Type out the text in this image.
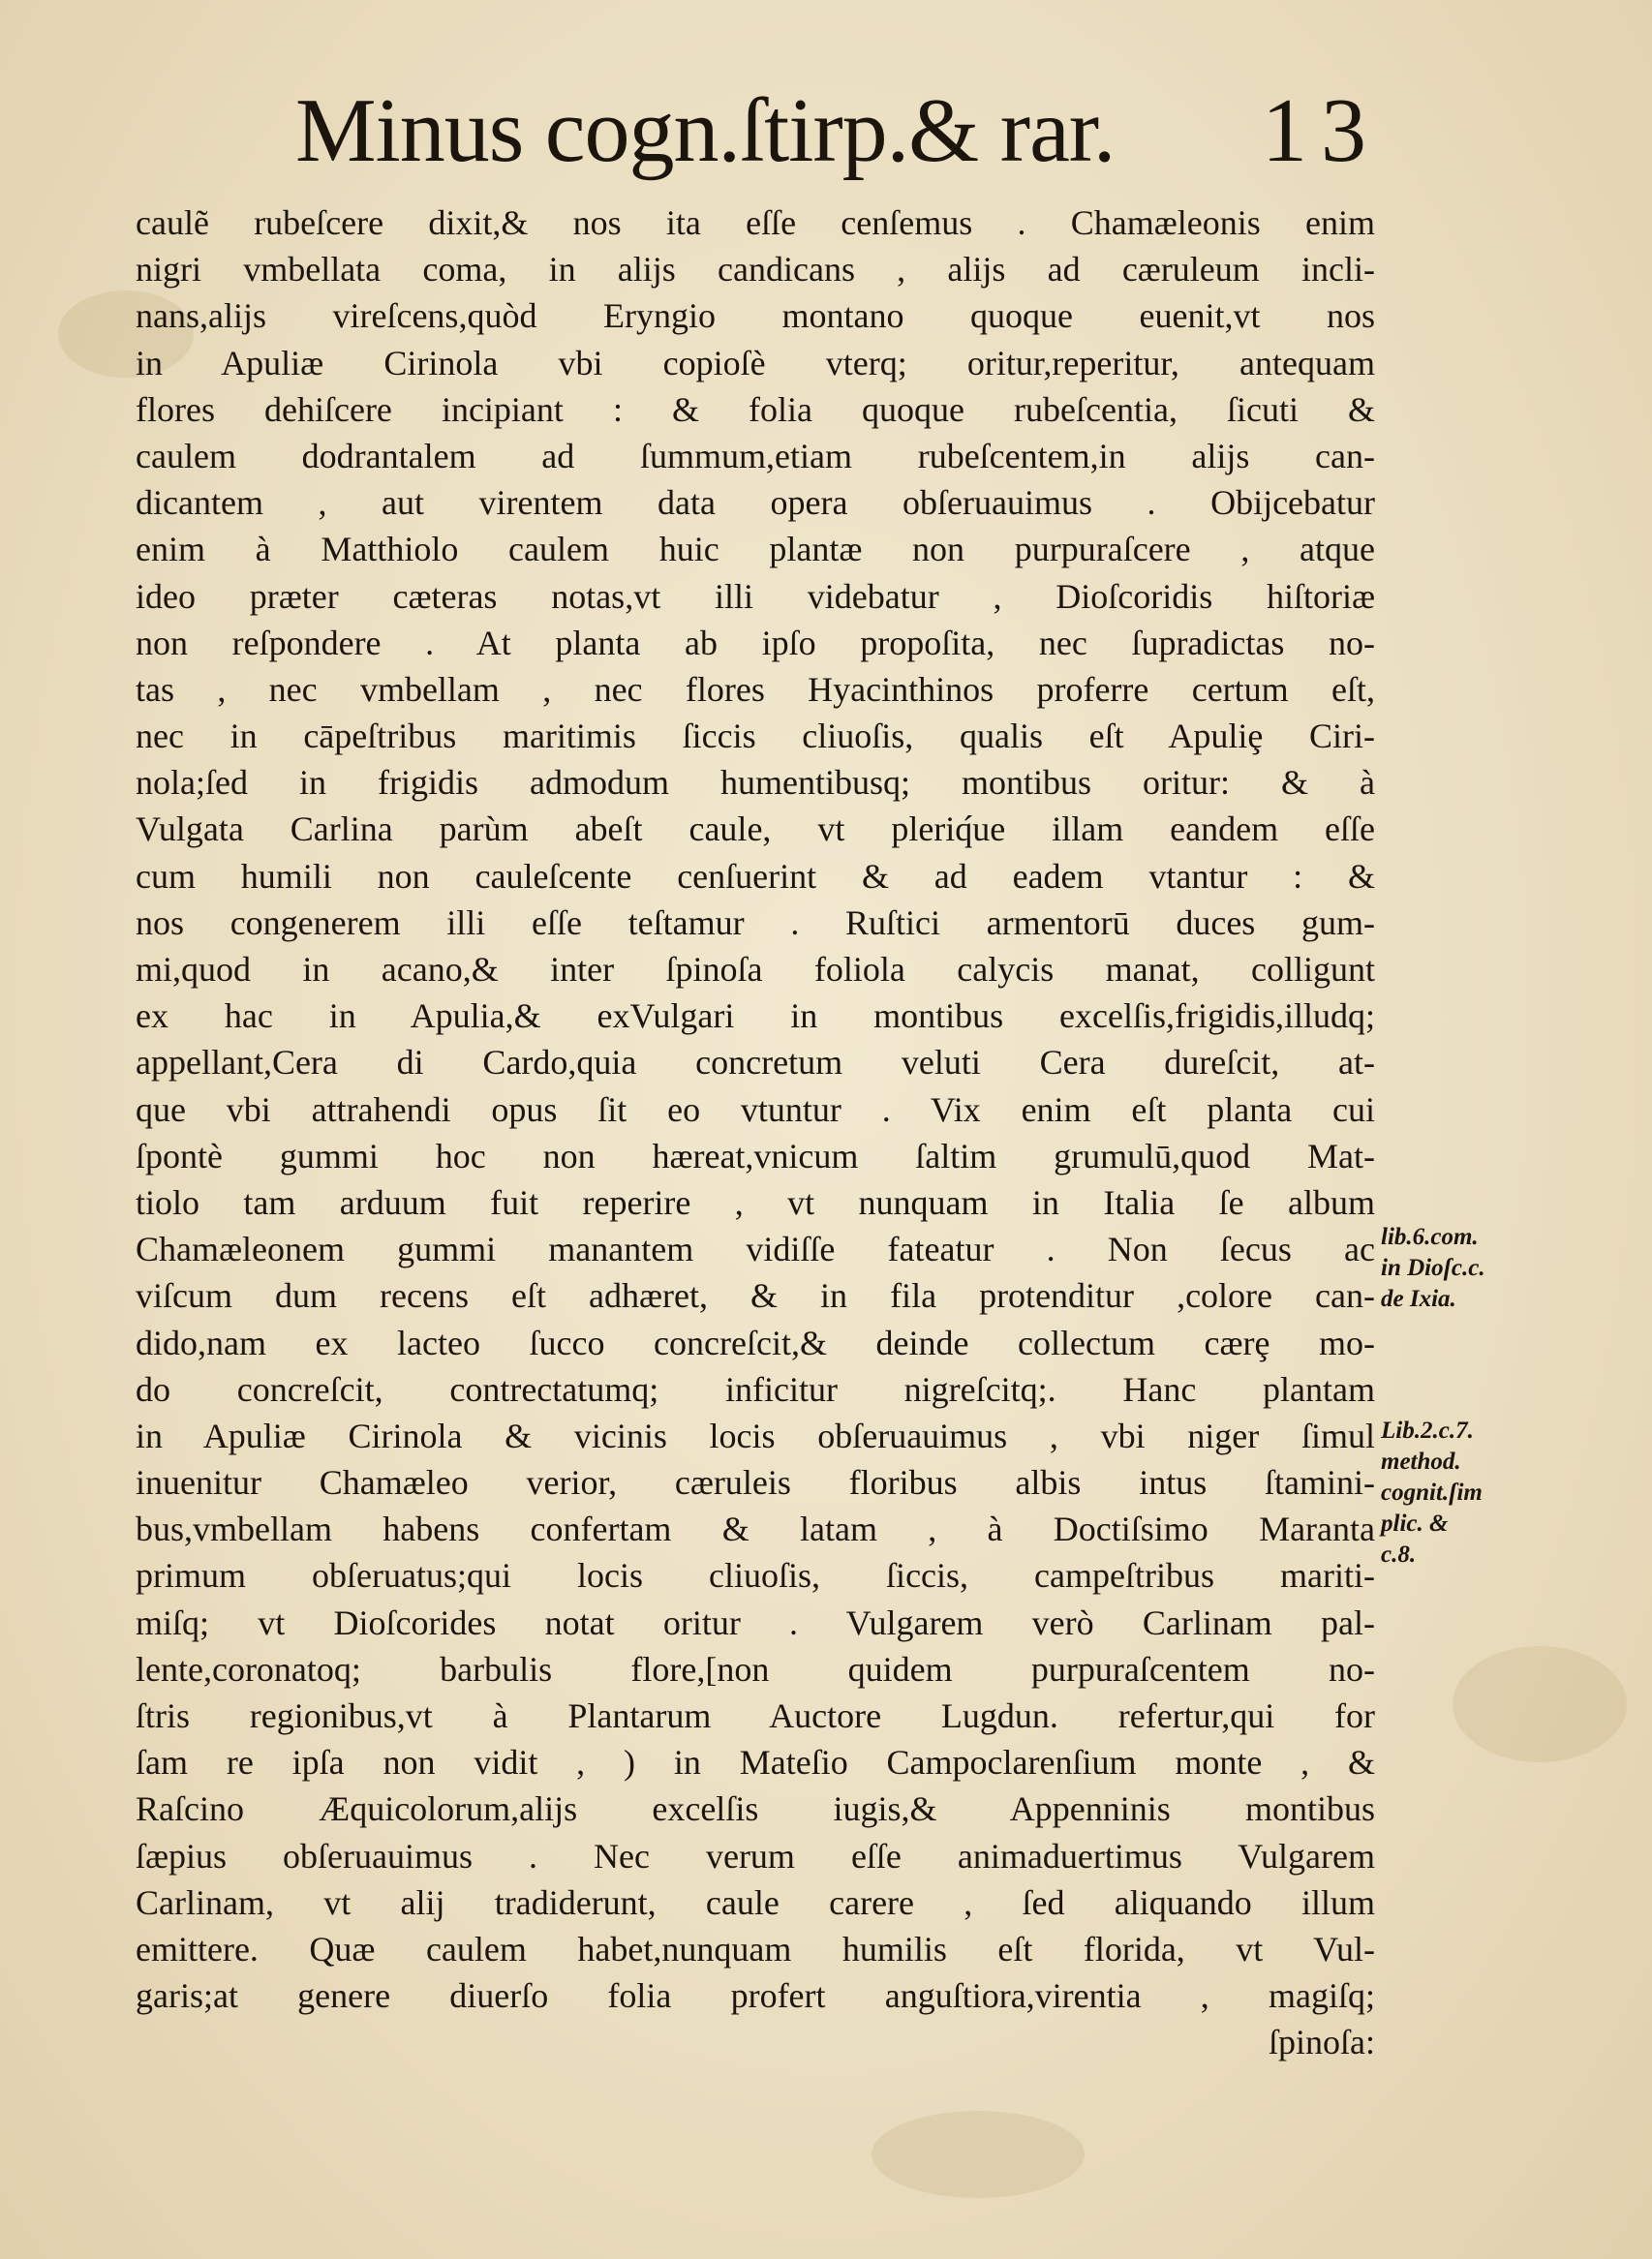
Minus cogn.ſtirp.& rar. 13
caulẽ rubeſcere dixit,& nos ita eſſe cenſemus . Chamæleonis enim
nigri vmbellata coma, in alijs candicans , alijs ad cæruleum incli-
nans,alijs vireſcens,quòd Eryngio montano quoque euenit,vt nos
in Apuliæ Cirinola vbi copioſè vterq; oritur,reperitur, antequam
flores dehiſcere incipiant : & folia quoque rubeſcentia, ſicuti &
caulem dodrantalem ad ſummum,etiam rubeſcentem,in alijs can-
dicantem , aut virentem data opera obſeruauimus . Obijcebatur
enim à Matthiolo caulem huic plantæ non purpuraſcere , atque
ideo præter cæteras notas,vt illi videbatur , Dioſcoridis hiſtoriæ
non reſpondere . At planta ab ipſo propoſita, nec ſupradictas no-
tas , nec vmbellam , nec flores Hyacinthinos proferre certum eſt,
nec in cāpeſtribus maritimis ſiccis cliuoſis, qualis eſt Apuliȩ Ciri-
nola;ſed in frigidis admodum humentibusq; montibus oritur: & à
Vulgata Carlina parùm abeſt caule, vt pleriq́ue illam eandem eſſe
cum humili non cauleſcente cenſuerint & ad eadem vtantur : &
nos congenerem illi eſſe teſtamur . Ruſtici armentorū duces gum-
mi,quod in acano,& inter ſpinoſa foliola calycis manat, colligunt
ex hac in Apulia,& exVulgari in montibus excelſis,frigidis,illudq;
appellant,Cera di Cardo,quia concretum veluti Cera dureſcit, at-
que vbi attrahendi opus ſit eo vtuntur . Vix enim eſt planta cui
ſpontè gummi hoc non hæreat,vnicum ſaltim grumulū,quod Mat-
tiolo tam arduum fuit reperire , vt nunquam in Italia ſe album
Chamæleonem gummi manantem vidiſſe fateatur . Non ſecus ac
viſcum dum recens eſt adhæret, & in fila protenditur ,colore can-
dido,nam ex lacteo ſucco concreſcit,& deinde collectum cærȩ mo-
do concreſcit, contrectatumq; inficitur nigreſcitq;. Hanc plantam
in Apuliæ Cirinola & vicinis locis obſeruauimus , vbi niger ſimul
inuenitur Chamæleo verior, cæruleis floribus albis intus ſtamini-
bus,vmbellam habens confertam & latam , à Doctiſsimo Maranta
primum obſeruatus;qui locis cliuoſis, ſiccis, campeſtribus mariti-
miſq; vt Dioſcorides notat oritur . Vulgarem verò Carlinam pal-
lente,coronatoq; barbulis flore,[non quidem purpuraſcentem no-
ſtris regionibus,vt à Plantarum Auctore Lugdun. refertur,qui for
ſam re ipſa non vidit , ) in Mateſio Campoclarenſium monte , &
Raſcino Æquicolorum,alijs excelſis iugis,& Appenninis montibus
ſæpius obſeruauimus . Nec verum eſſe animaduertimus Vulgarem
Carlinam, vt alij tradiderunt, caule carere , ſed aliquando illum
emittere. Quæ caulem habet,nunquam humilis eſt florida, vt Vul-
garis;at genere diuerſo folia profert anguſtiora,virentia , magiſq;
ſpinoſa:
lib.6.com.
in Dioſc.c.
de Ixia.
Lib.2.c.7.
method.
cognit.ſim
plic. &
c.8.
